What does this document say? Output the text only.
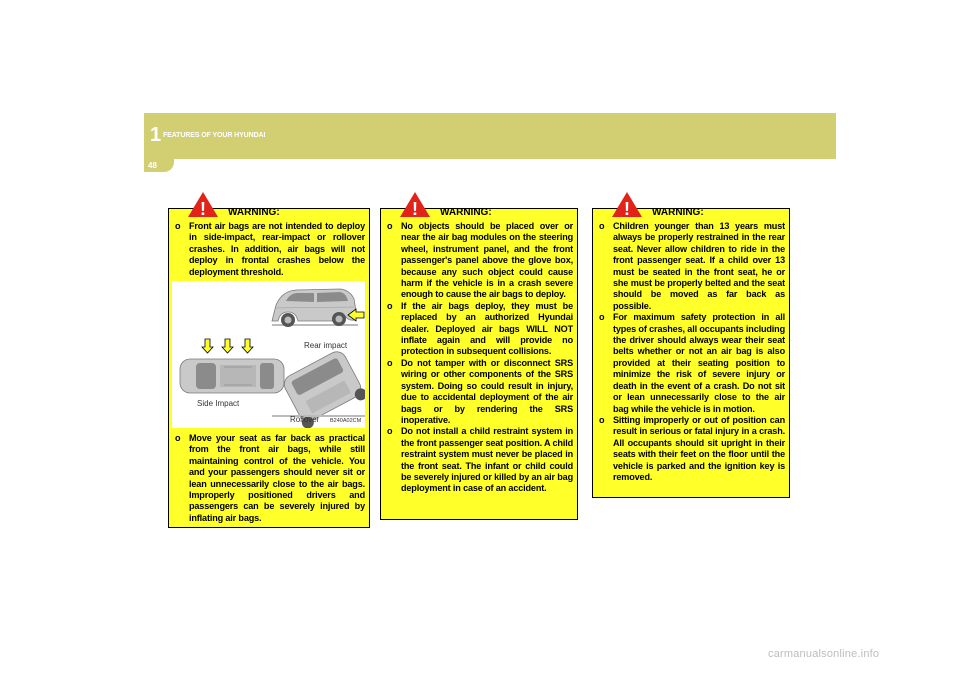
1 FEATURES OF YOUR HYUNDAI
48
! WARNING:
o Front air bags are not intended to deploy in side-impact, rear-impact or rollover crashes. In addition, air bags will not deploy in frontal crashes below the deployment threshold.
Rear impact
Side Impact
Rollover B240A02CM
o Move your seat as far back as practical from the front air bags, while still maintaining control of the vehicle. You and your passengers should never sit or lean unnecessarily close to the air bags. Improperly positioned drivers and passengers can be severely injured by inflating air bags.
! WARNING:
o No objects should be placed over or near the air bag modules on the steering wheel, instrument panel, and the front passenger's panel above the glove box, because any such object could cause harm if the vehicle is in a crash severe enough to cause the air bags to deploy.
o If the air bags deploy, they must be replaced by an authorized Hyundai dealer. Deployed air bags WILL NOT inflate again and will provide no protection in subsequent collisions.
o Do not tamper with or disconnect SRS wiring or other components of the SRS system. Doing so could result in injury, due to accidental deployment of the air bags or by rendering the SRS inoperative.
o Do not install a child restraint system in the front passenger seat position. A child restraint system must never be placed in the front seat. The infant or child could be severely injured or killed by an air bag deployment in case of an accident.
! WARNING:
o Children younger than 13 years must always be properly restrained in the rear seat. Never allow children to ride in the front passenger seat. If a child over 13 must be seated in the front seat, he or she must be properly belted and the seat should be moved as far back as possible.
o For maximum safety protection in all types of crashes, all occupants including the driver should always wear their seat belts whether or not an air bag is also provided at their seating position to minimize the risk of severe injury or death in the event of a crash. Do not sit or lean unnecessarily close to the air bag while the vehicle is in motion.
o Sitting improperly or out of position can result in serious or fatal injury in a crash. All occupants should sit upright in their seats with their feet on the floor until the vehicle is parked and the ignition key is removed.
carmanualsonline.info
